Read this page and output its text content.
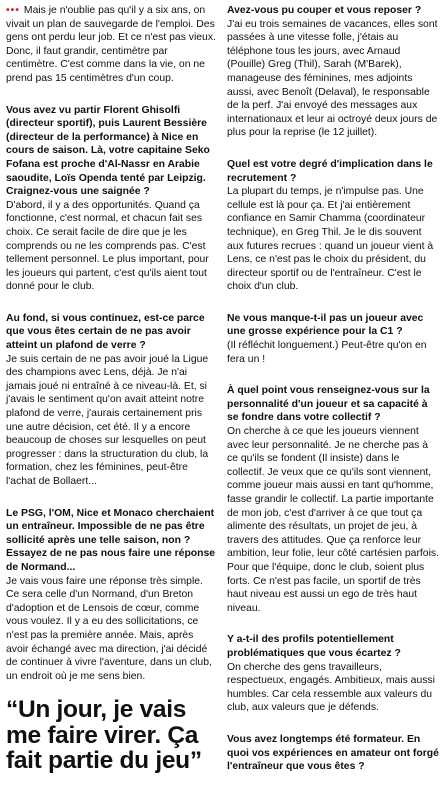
••• Mais je n'oublie pas qu'il y a six ans, on vivait un plan de sauvegarde de l'emploi. Des gens ont perdu leur job. Et ce n'est pas vieux. Donc, il faut grandir, centimètre par centimètre. C'est comme dans la vie, on ne prend pas 15 centimètres d'un coup.

Vous avez vu partir Florent Ghisolfi (directeur sportif), puis Laurent Bessière (directeur de la performance) à Nice en cours de saison. Là, votre capitaine Seko Fofana est proche d'Al-Nassr en Arabie saoudite, Loïs Openda tenté par Leipzig. Craignez-vous une saignée ?

D'abord, il y a des opportunités. Quand ça fonctionne, c'est normal, et chacun fait ses choix. Ce serait facile de dire que je les comprends ou ne les comprends pas. C'est tellement personnel. Le plus important, pour les joueurs qui partent, c'est qu'ils aient tout donné pour le club.

Au fond, si vous continuez, est-ce parce que vous êtes certain de ne pas avoir atteint un plafond de verre ?

Je suis certain de ne pas avoir joué la Ligue des champions avec Lens, déjà. Je n'ai jamais joué ni entraîné à ce niveau-là. Et, si j'avais le sentiment qu'on avait atteint notre plafond de verre, j'aurais certainement pris une autre décision, cet été. Il y a encore beaucoup de choses sur lesquelles on peut progresser : dans la structuration du club, la formation, chez les féminines, peut-être l'achat de Bollaert...

Le PSG, l'OM, Nice et Monaco cherchaient un entraîneur. Impossible de ne pas être sollicité après une telle saison, non ? Essayez de ne pas nous faire une réponse de Normand...

Je vais vous faire une réponse très simple. Ce sera celle d'un Normand, d'un Breton d'adoption et de Lensois de cœur, comme vous voulez. Il y a eu des sollicitations, ce n'est pas la première année. Mais, après avoir échangé avec ma direction, j'ai décidé de continuer à vivre l'aventure, dans un club, un endroit où je me sens bien.

“Un jour, je vais me faire virer. Ça fait partie du jeu”

Avez-vous pu couper et vous reposer ?

J'ai eu trois semaines de vacances, elles sont passées à une vitesse folle, j'étais au téléphone tous les jours, avec Arnaud (Pouille) Greg (Thil), Sarah (M'Barek), manageuse des féminines, mes adjoints aussi, avec Benoît (Delaval), le responsable de la perf. J'ai envoyé des messages aux internationaux et leur ai octroyé deux jours de plus pour la reprise (le 12 juillet).

Quel est votre degré d'implication dans le recrutement ?

La plupart du temps, je n'impulse pas. Une cellule est là pour ça. Et j'ai entièrement confiance en Samir Chamma (coordinateur technique), en Greg Thil. Je le dis souvent aux futures recrues : quand un joueur vient à Lens, ce n'est pas le choix du président, du directeur sportif ou de l'entraîneur. C'est le choix d'un club.

Ne vous manque-t-il pas un joueur avec une grosse expérience pour la C1 ?

(Il réfléchit longuement.) Peut-être qu'on en fera un !

À quel point vous renseignez-vous sur la personnalité d'un joueur et sa capacité à se fondre dans votre collectif ?

On cherche à ce que les joueurs viennent avec leur personnalité. Je ne cherche pas à ce qu'ils se fondent (Il insiste) dans le collectif. Je veux que ce qu'ils sont viennent, comme joueur mais aussi en tant qu'homme, fasse grandir le collectif. La partie importante de mon job, c'est d'arriver à ce que tout ça alimente des résultats, un projet de jeu, à travers des attitudes. Que ça renforce leur ambition, leur folie, leur côté cartésien parfois. Pour que l'équipe, donc le club, soient plus forts. Ce n'est pas facile, un sportif de très haut niveau est aussi un ego de très haut niveau.

Y a-t-il des profils potentiellement problématiques que vous écartez ?

On cherche des gens travailleurs, respectueux, engagés. Ambitieux, mais aussi humbles. Car cela ressemble aux valeurs du club, aux valeurs que je défends.

Vous avez longtemps été formateur. En quoi vos expériences en amateur ont forgé l'entraîneur que vous êtes ?
